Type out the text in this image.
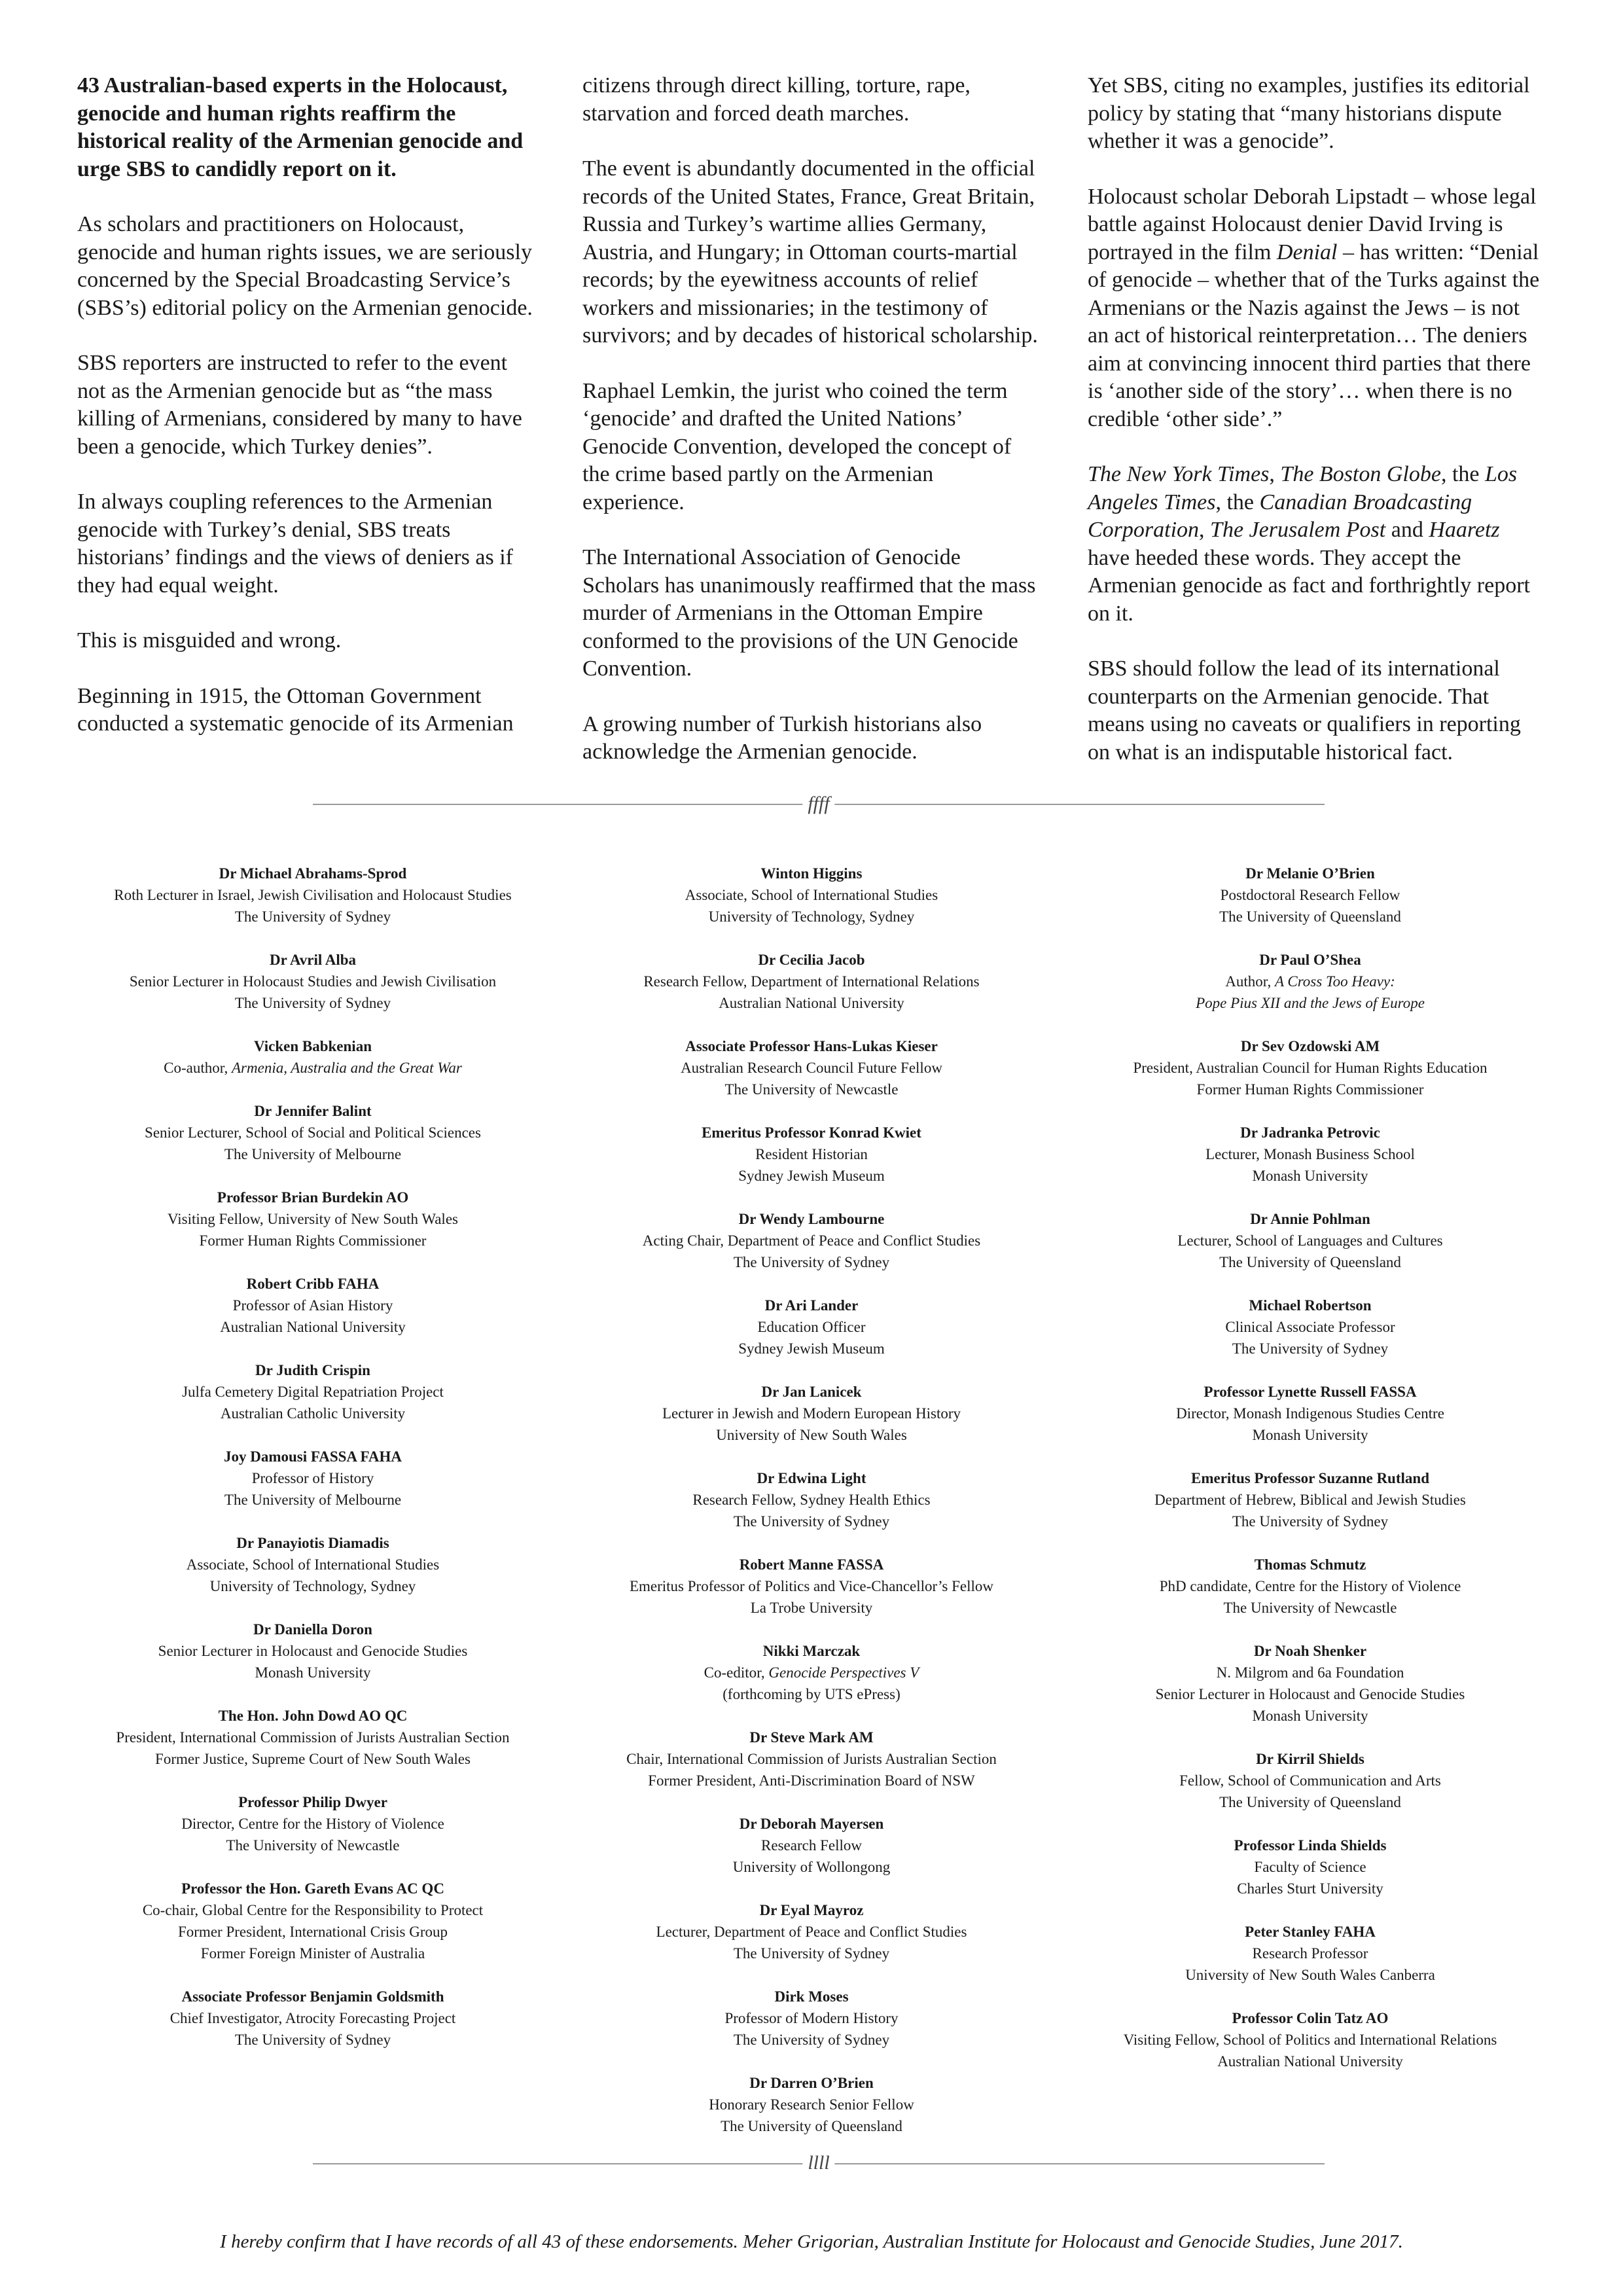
43 Australian-based experts in the Holocaust, genocide and human rights reaffirm the historical reality of the Armenian genocide and urge SBS to candidly report on it.

As scholars and practitioners on Holocaust, genocide and human rights issues, we are seriously concerned by the Special Broadcasting Service’s (SBS’s) editorial policy on the Armenian genocide.

SBS reporters are instructed to refer to the event not as the Armenian genocide but as “the mass killing of Armenians, considered by many to have been a genocide, which Turkey denies”.

In always coupling references to the Armenian genocide with Turkey’s denial, SBS treats historians’ findings and the views of deniers as if they had equal weight.

This is misguided and wrong.

Beginning in 1915, the Ottoman Government conducted a systematic genocide of its Armenian

citizens through direct killing, torture, rape, starvation and forced death marches.

The event is abundantly documented in the official records of the United States, France, Great Britain, Russia and Turkey’s wartime allies Germany, Austria, and Hungary; in Ottoman courts-martial records; by the eyewitness accounts of relief workers and missionaries; in the testimony of survivors; and by decades of historical scholarship.

Raphael Lemkin, the jurist who coined the term ‘genocide’ and drafted the United Nations’ Genocide Convention, developed the concept of the crime based partly on the Armenian experience.

The International Association of Genocide Scholars has unanimously reaffirmed that the mass murder of Armenians in the Ottoman Empire conformed to the provisions of the UN Genocide Convention.

A growing number of Turkish historians also acknowledge the Armenian genocide.

Yet SBS, citing no examples, justifies its editorial policy by stating that “many historians dispute whether it was a genocide”.

Holocaust scholar Deborah Lipstadt – whose legal battle against Holocaust denier David Irving is portrayed in the film Denial – has written: “Denial of genocide – whether that of the Turks against the Armenians or the Nazis against the Jews – is not an act of historical reinterpretation… The deniers aim at convincing innocent third parties that there is ‘another side of the story’… when there is no credible ‘other side’.”

The New York Times, The Boston Globe, the Los Angeles Times, the Canadian Broadcasting Corporation, The Jerusalem Post and Haaretz have heeded these words. They accept the Armenian genocide as fact and forthrightly report on it.

SBS should follow the lead of its international counterparts on the Armenian genocide. That means using no caveats or qualifiers in reporting on what is an indisputable historical fact.

ffff
Dr Michael Abrahams-Sprod
Roth Lecturer in Israel, Jewish Civilisation and Holocaust Studies
The University of Sydney
Dr Avril Alba
Senior Lecturer in Holocaust Studies and Jewish Civilisation
The University of Sydney
Vicken Babkenian
Co-author, Armenia, Australia and the Great War
Dr Jennifer Balint
Senior Lecturer, School of Social and Political Sciences
The University of Melbourne
Professor Brian Burdekin AO
Visiting Fellow, University of New South Wales
Former Human Rights Commissioner
Robert Cribb FAHA
Professor of Asian History
Australian National University
Dr Judith Crispin
Julfa Cemetery Digital Repatriation Project
Australian Catholic University
Joy Damousi FASSA FAHA
Professor of History
The University of Melbourne
Dr Panayiotis Diamadis
Associate, School of International Studies
University of Technology, Sydney
Dr Daniella Doron
Senior Lecturer in Holocaust and Genocide Studies
Monash University
The Hon. John Dowd AO QC
President, International Commission of Jurists Australian Section
Former Justice, Supreme Court of New South Wales
Professor Philip Dwyer
Director, Centre for the History of Violence
The University of Newcastle
Professor the Hon. Gareth Evans AC QC
Co-chair, Global Centre for the Responsibility to Protect
Former President, International Crisis Group
Former Foreign Minister of Australia
Associate Professor Benjamin Goldsmith
Chief Investigator, Atrocity Forecasting Project
The University of Sydney
Winton Higgins
Associate, School of International Studies
University of Technology, Sydney
Dr Cecilia Jacob
Research Fellow, Department of International Relations
Australian National University
Associate Professor Hans-Lukas Kieser
Australian Research Council Future Fellow
The University of Newcastle
Emeritus Professor Konrad Kwiet
Resident Historian
Sydney Jewish Museum
Dr Wendy Lambourne
Acting Chair, Department of Peace and Conflict Studies
The University of Sydney
Dr Ari Lander
Education Officer
Sydney Jewish Museum
Dr Jan Lanicek
Lecturer in Jewish and Modern European History
University of New South Wales
Dr Edwina Light
Research Fellow, Sydney Health Ethics
The University of Sydney
Robert Manne FASSA
Emeritus Professor of Politics and Vice-Chancellor’s Fellow
La Trobe University
Nikki Marczak
Co-editor, Genocide Perspectives V
(forthcoming by UTS ePress)
Dr Steve Mark AM
Chair, International Commission of Jurists Australian Section
Former President, Anti-Discrimination Board of NSW
Dr Deborah Mayersen
Research Fellow
University of Wollongong
Dr Eyal Mayroz
Lecturer, Department of Peace and Conflict Studies
The University of Sydney
Dirk Moses
Professor of Modern History
The University of Sydney
Dr Darren O’Brien
Honorary Research Senior Fellow
The University of Queensland
Dr Melanie O’Brien
Postdoctoral Research Fellow
The University of Queensland
Dr Paul O’Shea
Author, A Cross Too Heavy:
Pope Pius XII and the Jews of Europe
Dr Sev Ozdowski AM
President, Australian Council for Human Rights Education
Former Human Rights Commissioner
Dr Jadranka Petrovic
Lecturer, Monash Business School
Monash University
Dr Annie Pohlman
Lecturer, School of Languages and Cultures
The University of Queensland
Michael Robertson
Clinical Associate Professor
The University of Sydney
Professor Lynette Russell FASSA
Director, Monash Indigenous Studies Centre
Monash University
Emeritus Professor Suzanne Rutland
Department of Hebrew, Biblical and Jewish Studies
The University of Sydney
Thomas Schmutz
PhD candidate, Centre for the History of Violence
The University of Newcastle
Dr Noah Shenker
N. Milgrom and 6a Foundation
Senior Lecturer in Holocaust and Genocide Studies
Monash University
Dr Kirril Shields
Fellow, School of Communication and Arts
The University of Queensland
Professor Linda Shields
Faculty of Science
Charles Sturt University
Peter Stanley FAHA
Research Professor
University of New South Wales Canberra
Professor Colin Tatz AO
Visiting Fellow, School of Politics and International Relations
Australian National University
llll

I hereby confirm that I have records of all 43 of these endorsements. Meher Grigorian, Australian Institute for Holocaust and Genocide Studies, June 2017.
